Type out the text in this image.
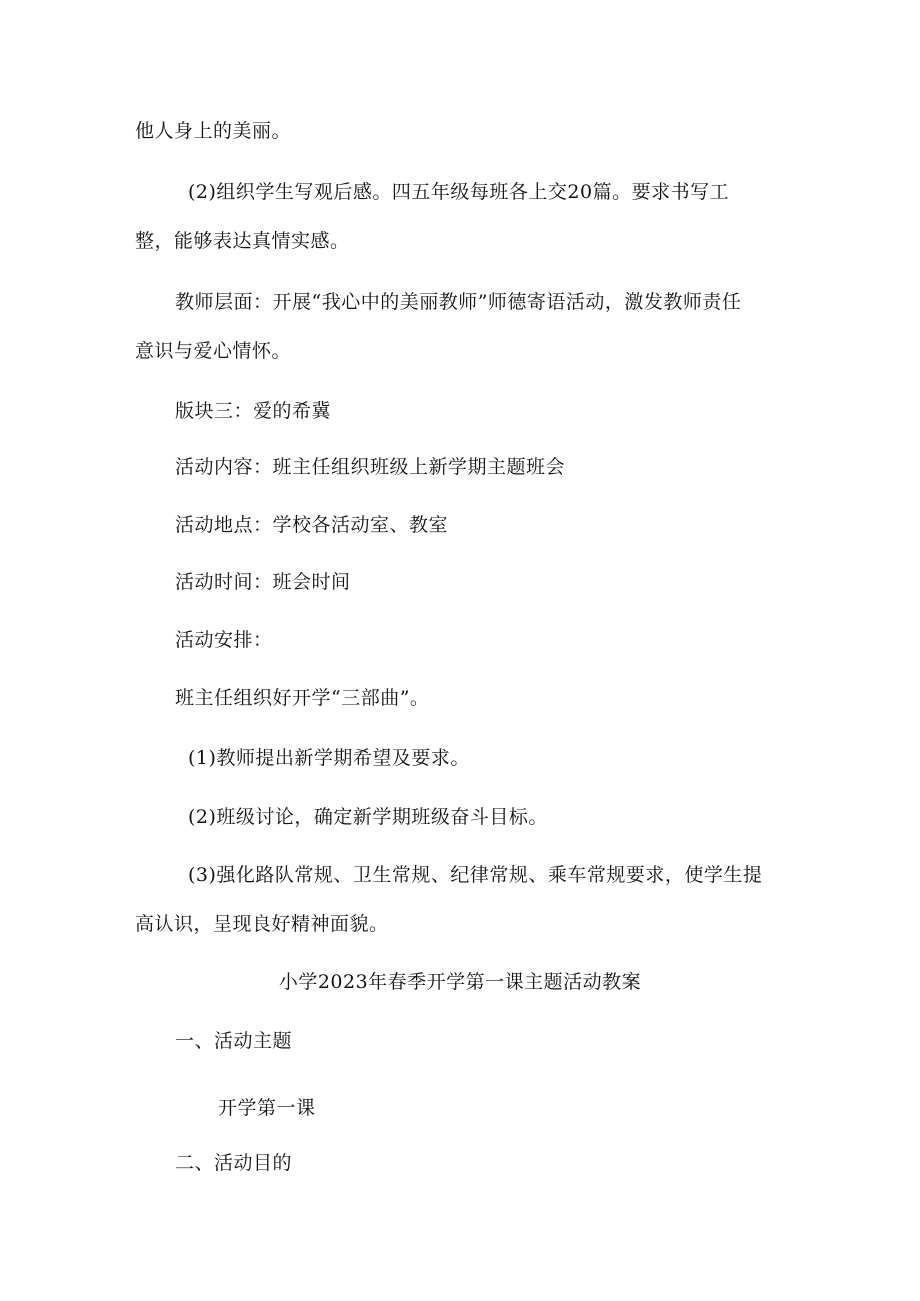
他人身上的美丽。
(2)组织学生写观后感。四五年级每班各上交20篇。要求书写工
整，能够表达真情实感。
教师层面：开展“我心中的美丽教师”师德寄语活动，激发教师责任
意识与爱心情怀。
版块三：爱的希冀
活动内容：班主任组织班级上新学期主题班会
活动地点：学校各活动室、教室
活动时间：班会时间
活动安排：
班主任组织好开学“三部曲”。
(1)教师提出新学期希望及要求。
(2)班级讨论，确定新学期班级奋斗目标。
(3)强化路队常规、卫生常规、纪律常规、乘车常规要求，使学生提
高认识，呈现良好精神面貌。
小学2023年春季开学第一课主题活动教案
一、活动主题
开学第一课
二、活动目的
